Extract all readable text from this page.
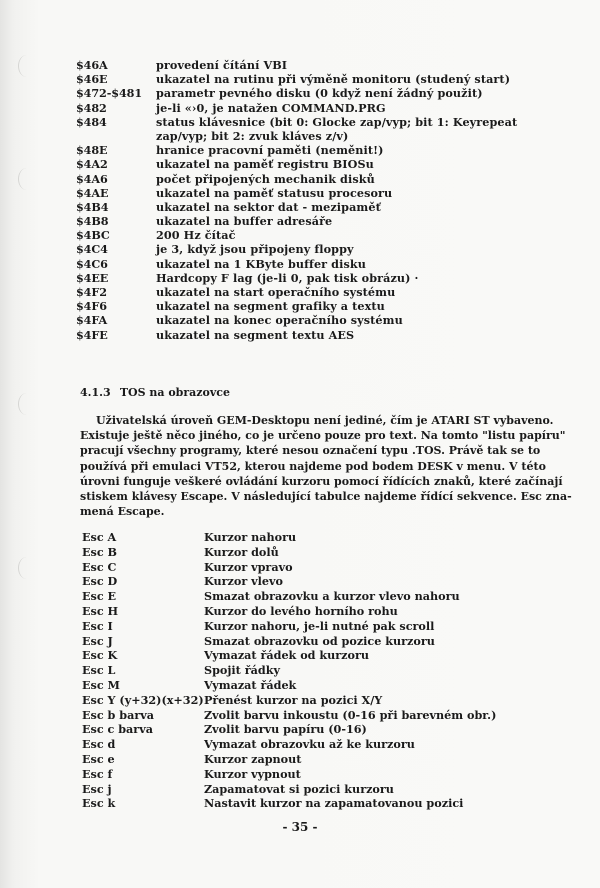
$46A	provedení čítání VBI
$46E	ukazatel na rutinu při výměně monitoru (studený start)
$472-$481	parametr pevného disku (0 když není žádný použit)
$482	je-li «›0, je natažen COMMAND.PRG
$484	status klávesnice (bit 0: Glocke zap/vyp; bit 1: Keyrepeat
zap/vyp; bit 2: zvuk kláves z/v)
$48E	hranice pracovní paměti (neměnit!)
$4A2	ukazatel na paměť registru BIOSu
$4A6	počet připojených mechanik disků
$4AE	ukazatel na paměť statusu procesoru
$4B4	ukazatel na sektor dat - mezipaměť
$4B8	ukazatel na buffer adresáře
$4BC	200 Hz čítač
$4C4	je 3, když jsou připojeny floppy
$4C6	ukazatel na 1 KByte buffer disku
$4EE	Hardcopy F lag (je-li 0, pak tisk obrázu) ·
$4F2	ukazatel na start operačního systému
$4F6	ukazatel na segment grafiky a textu
$4FA	ukazatel na konec operačního systému
$4FE	ukazatel na segment textu AES
4.1.3 TOS na obrazovce
Uživatelská úroveň GEM-Desktopu není jediné, čím je ATARI ST vybaveno.
Existuje ještě něco jiného, co je určeno pouze pro text. Na tomto "listu papíru"
pracují všechny programy, které nesou označení typu .TOS. Právě tak se to
používá při emulaci VT52, kterou najdeme pod bodem DESK v menu. V této
úrovni funguje veškeré ovládání kurzoru pomocí řídících znaků, které začínají
stiskem klávesy Escape. V následující tabulce najdeme řídící sekvence. Esc zna-
mená Escape.
Esc A	Kurzor nahoru
Esc B	Kurzor dolů
Esc C	Kurzor vpravo
Esc D	Kurzor vlevo
Esc E	Smazat obrazovku a kurzor vlevo nahoru
Esc H	Kurzor do levého horního rohu
Esc I	Kurzor nahoru, je-li nutné pak scroll
Esc J	Smazat obrazovku od pozice kurzoru
Esc K	Vymazat řádek od kurzoru
Esc L	Spojit řádky
Esc M	Vymazat řádek
Esc Y (y+32)(x+32) Přenést kurzor na pozici X/Y
Esc b barva	Zvolit barvu inkoustu (0-16 při barevném obr.)
Esc c barva	Zvolit barvu papíru (0-16)
Esc d	Vymazat obrazovku až ke kurzoru
Esc e	Kurzor zapnout
Esc f	Kurzor vypnout
Esc j	Zapamatovat si pozici kurzoru
Esc k	Nastavit kurzor na zapamatovanou pozici
- 35 -
